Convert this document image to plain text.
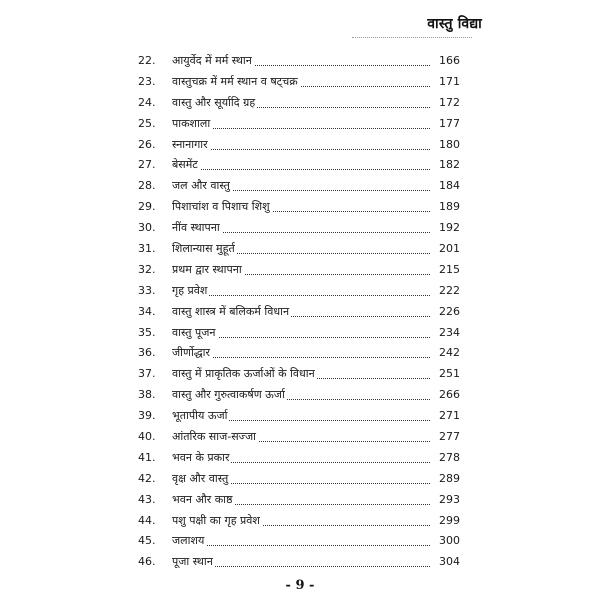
वास्तु विद्या
22.	आयुर्वेद में मर्म स्थान	166
23.	वास्तुचक्र में मर्म स्थान व षट्चक्र	171
24.	वास्तु और सूर्यादि ग्रह	172
25.	पाकशाला	177
26.	स्नानागार	180
27.	बेसमेंट	182
28.	जल और वास्तु	184
29.	पिशाचांश व पिशाच शिशु	189
30.	नींव स्थापना	192
31.	शिलान्यास मुहूर्त	201
32.	प्रथम द्वार स्थापना	215
33.	गृह प्रवेश	222
34.	वास्तु शास्त्र में बलिकर्म विधान	226
35.	वास्तु पूजन	234
36.	जीर्णोद्धार	242
37.	वास्तु में प्राकृतिक ऊर्जाओं के विधान	251
38.	वास्तु और गुरुत्वाकर्षण ऊर्जा	266
39.	भूतापीय ऊर्जा	271
40.	आंतरिक साज-सज्जा	277
41.	भवन के प्रकार	278
42.	वृक्ष और वास्तु	289
43.	भवन और काष्ठ	293
44.	पशु पक्षी का गृह प्रवेश	299
45.	जलाशय	300
46.	पूजा स्थान	304
- 9 -
